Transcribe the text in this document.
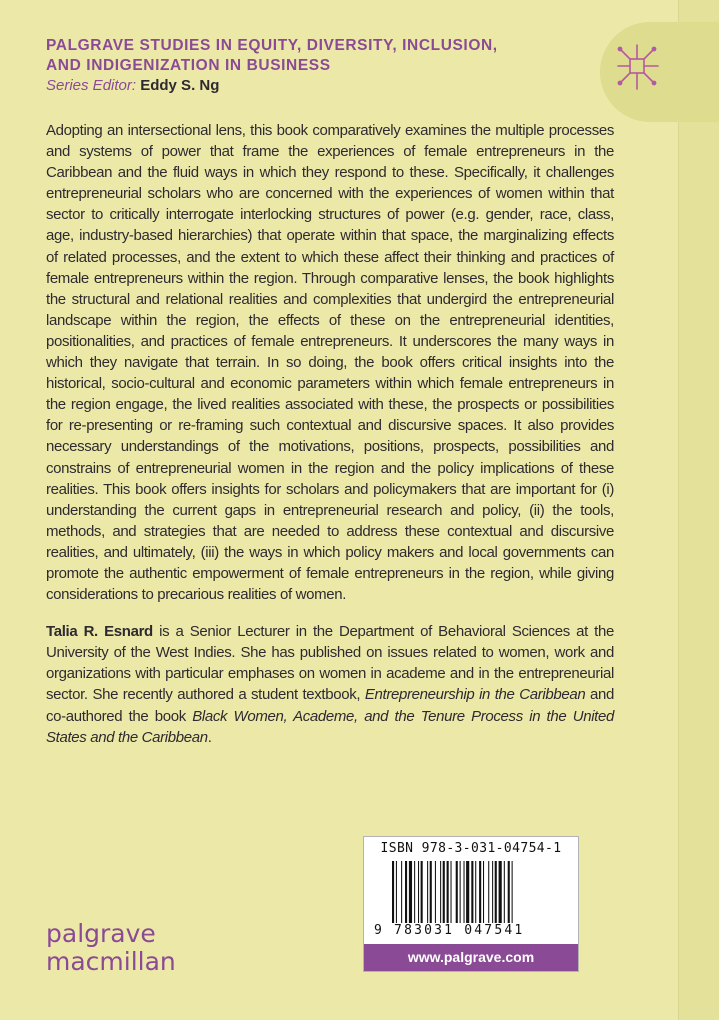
PALGRAVE STUDIES IN EQUITY, DIVERSITY, INCLUSION,
AND INDIGENIZATION IN BUSINESS
Series Editor: Eddy S. Ng

Adopting an intersectional lens, this book comparatively examines the multiple processes and systems of power that frame the experiences of female entrepreneurs in the Caribbean and the fluid ways in which they respond to these. Specifically, it challenges entrepreneurial scholars who are concerned with the experiences of women within that sector to critically interrogate interlocking structures of power (e.g. gender, race, class, age, industry-based hierarchies) that operate within that space, the marginalizing effects of related processes, and the extent to which these affect their thinking and practices of female entrepreneurs within the region. Through comparative lenses, the book highlights the structural and relational realities and complexities that undergird the entrepreneurial landscape within the region, the effects of these on the entrepreneurial identities, positionalities, and practices of female entrepreneurs. It underscores the many ways in which they navigate that terrain. In so doing, the book offers critical insights into the historical, socio-cultural and economic parameters within which female entrepreneurs in the region engage, the lived realities associated with these, the prospects or possibilities for re-presenting or re-framing such contextual and discursive spaces. It also provides necessary understandings of the motivations, positions, prospects, possibilities and constrains of entrepreneurial women in the region and the policy implications of these realities. This book offers insights for scholars and policymakers that are important for (i) understanding the current gaps in entrepreneurial research and policy, (ii) the tools, methods, and strategies that are needed to address these contextual and discursive realities, and ultimately, (iii) the ways in which policy makers and local governments can promote the authentic empowerment of female entrepreneurs in the region, while giving considerations to precarious realities of women.

Talia R. Esnard is a Senior Lecturer in the Department of Behavioral Sciences at the University of the West Indies. She has published on issues related to women, work and organizations with particular emphases on women in academe and in the entrepreneurial sector. She recently authored a student textbook, Entrepreneurship in the Caribbean and co-authored the book Black Women, Academe, and the Tenure Process in the United States and the Caribbean.

ISBN 978-3-031-04754-1
9 783031 047541
www.palgrave.com
palgrave
macmillan
